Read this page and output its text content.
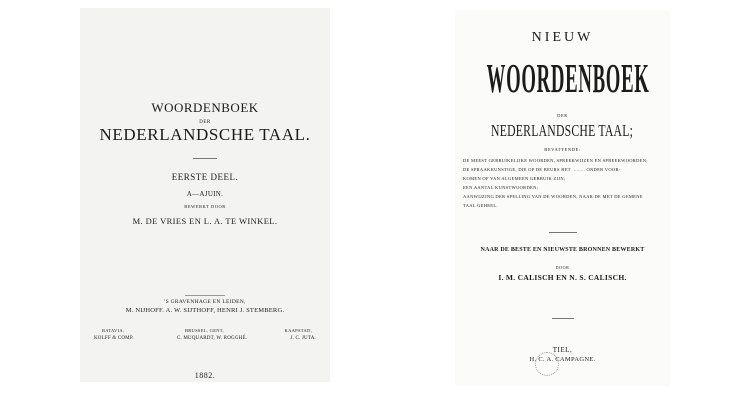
WOORDENBOEK
DER
NEDERLANDSCHE TAAL.
EERSTE DEEL.
A—AJUIN.
BEWERKT DOOR
M. DE VRIES EN L. A. TE WINKEL.
'S GRAVENHAGE EN LEIDEN,
M. NIJHOFF. A. W. SIJTHOFF, HENRI J. STEMBERG.
BATAVIA,	BRUSSEL, GENT,	KAAPSTAD,
KOLFF & COMP.	C. MUQUARDT, W. ROGGHÉ.	J. C. JUTA.
1882.
NIEUW
WOORDENBOEK
DER
NEDERLANDSCHE TAAL;
BEVATTENDE:
DE MEEST GEBRUIKELIJKE WOORDEN, SPREEKWIJZEN EN SPREEKWOORDEN;
DE SPRAAKKUNSTIGE, DIE OP DE BEURS HET ......... ONDER VOOR-
KOMEN OF VAN ALGEMEEN GEBRUIK ZIJN;
EEN AANTAL KUNSTWOORDEN;
AANWIJZING DER SPELLING VAN DE WOORDEN, NAAR DE MET DE GEMENE
TAAL GEHEEL.
NAAR DE BESTE EN NIEUWSTE BRONNEN BEWERKT
DOOR
I. M. CALISCH EN N. S. CALISCH.
TIEL,
H. C. A. CAMPAGNE.
